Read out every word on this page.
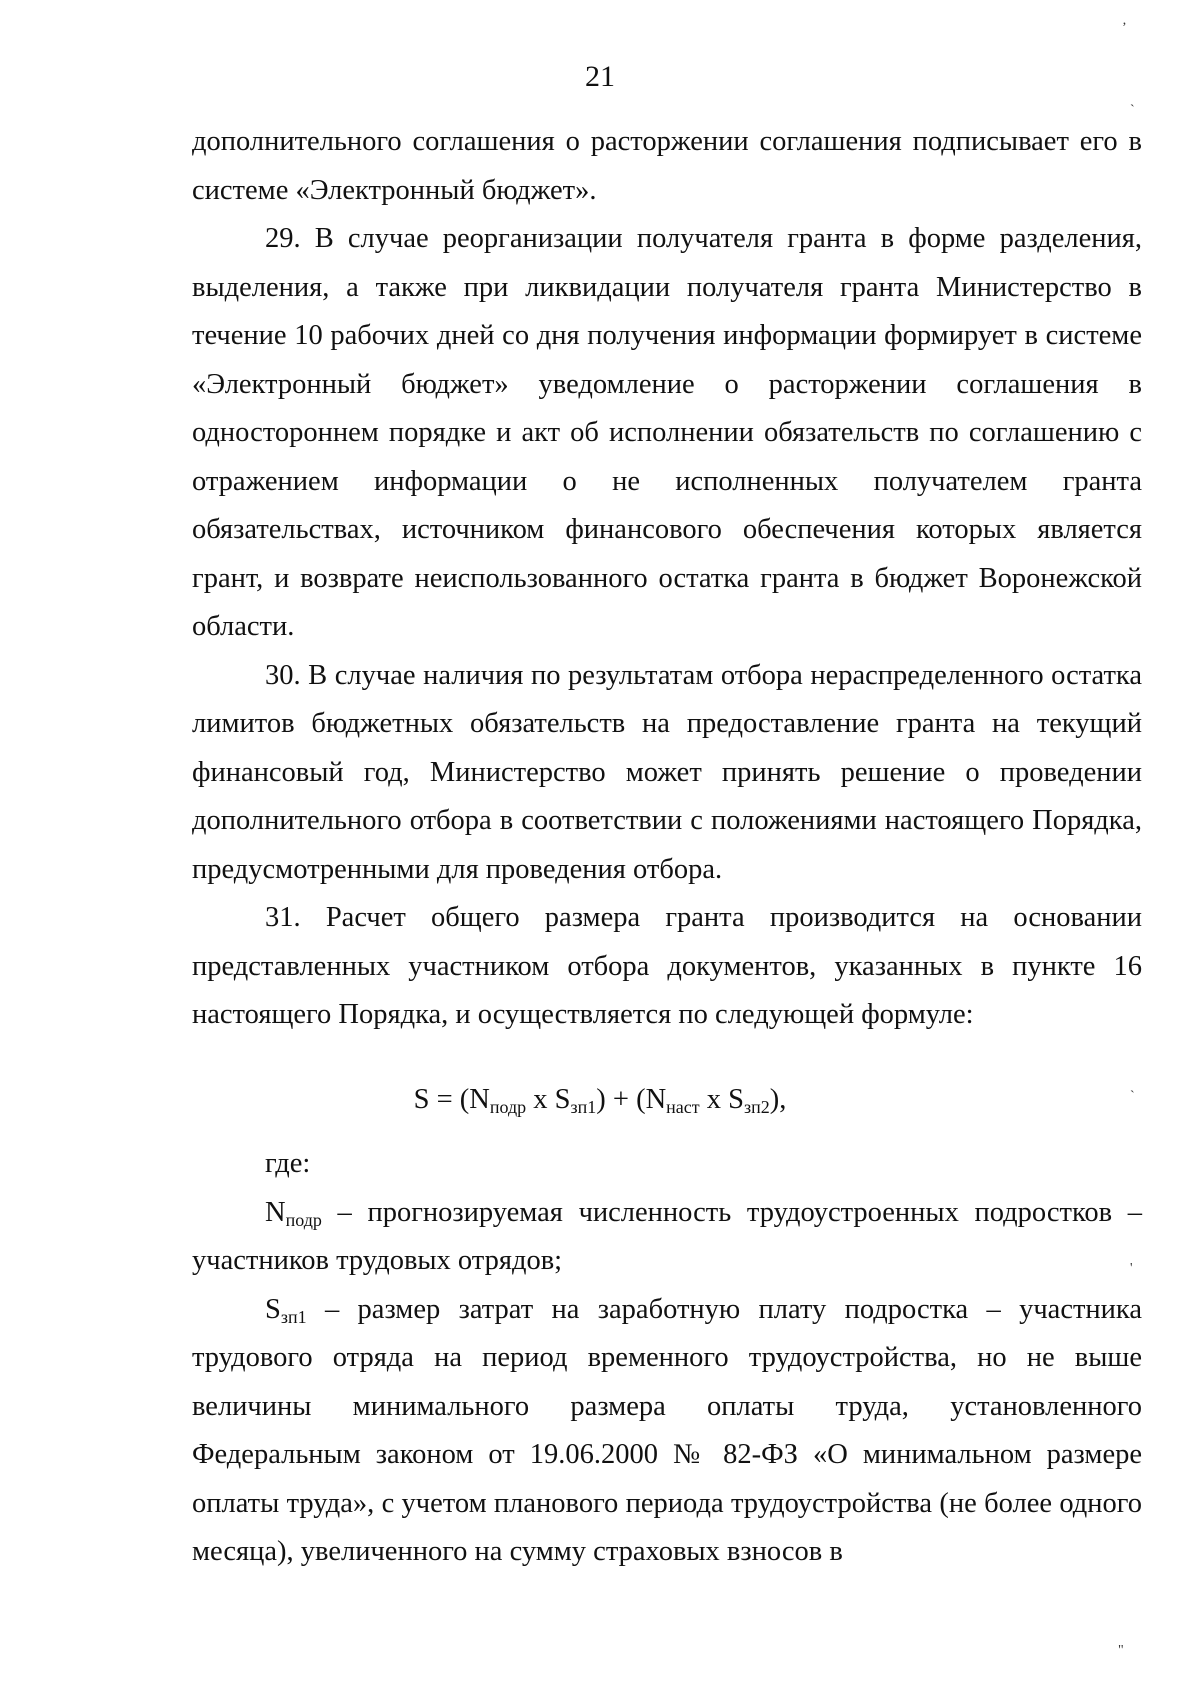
21

дополнительного соглашения о расторжении соглашения подписывает его в системе «Электронный бюджет».

29. В случае реорганизации получателя гранта в форме разделения, выделения, а также при ликвидации получателя гранта Министерство в течение 10 рабочих дней со дня получения информации формирует в системе «Электронный бюджет» уведомление о расторжении соглашения в одностороннем порядке и акт об исполнении обязательств по соглашению с отражением информации о не исполненных получателем гранта обязательствах, источником финансового обеспечения которых является грант, и возврате неиспользованного остатка гранта в бюджет Воронежской области.

30. В случае наличия по результатам отбора нераспределенного остатка лимитов бюджетных обязательств на предоставление гранта на текущий финансовый год, Министерство может принять решение о проведении дополнительного отбора в соответствии с положениями настоящего Порядка, предусмотренными для проведения отбора.

31. Расчет общего размера гранта производится на основании представленных участником отбора документов, указанных в пункте 16 настоящего Порядка, и осуществляется по следующей формуле:

$S = (N_{подр}$ x $S_{зп1}) + (N_{наст}$ x $S_{зп2}$),

где:

$N_{подр}$ – прогнозируемая численность трудоустроенных подростков – участников трудовых отрядов;

$S_{зп1}$ – размер затрат на заработную плату подростка – участника трудового отряда на период временного трудоустройства, но не выше величины минимального размера оплаты труда, установленного Федеральным законом от 19.06.2000 № 82-ФЗ «О минимальном размере оплаты труда», с учетом планового периода трудоустройства (не более одного месяца), увеличенного на сумму страховых взносов в

‚
`
`
'
"
